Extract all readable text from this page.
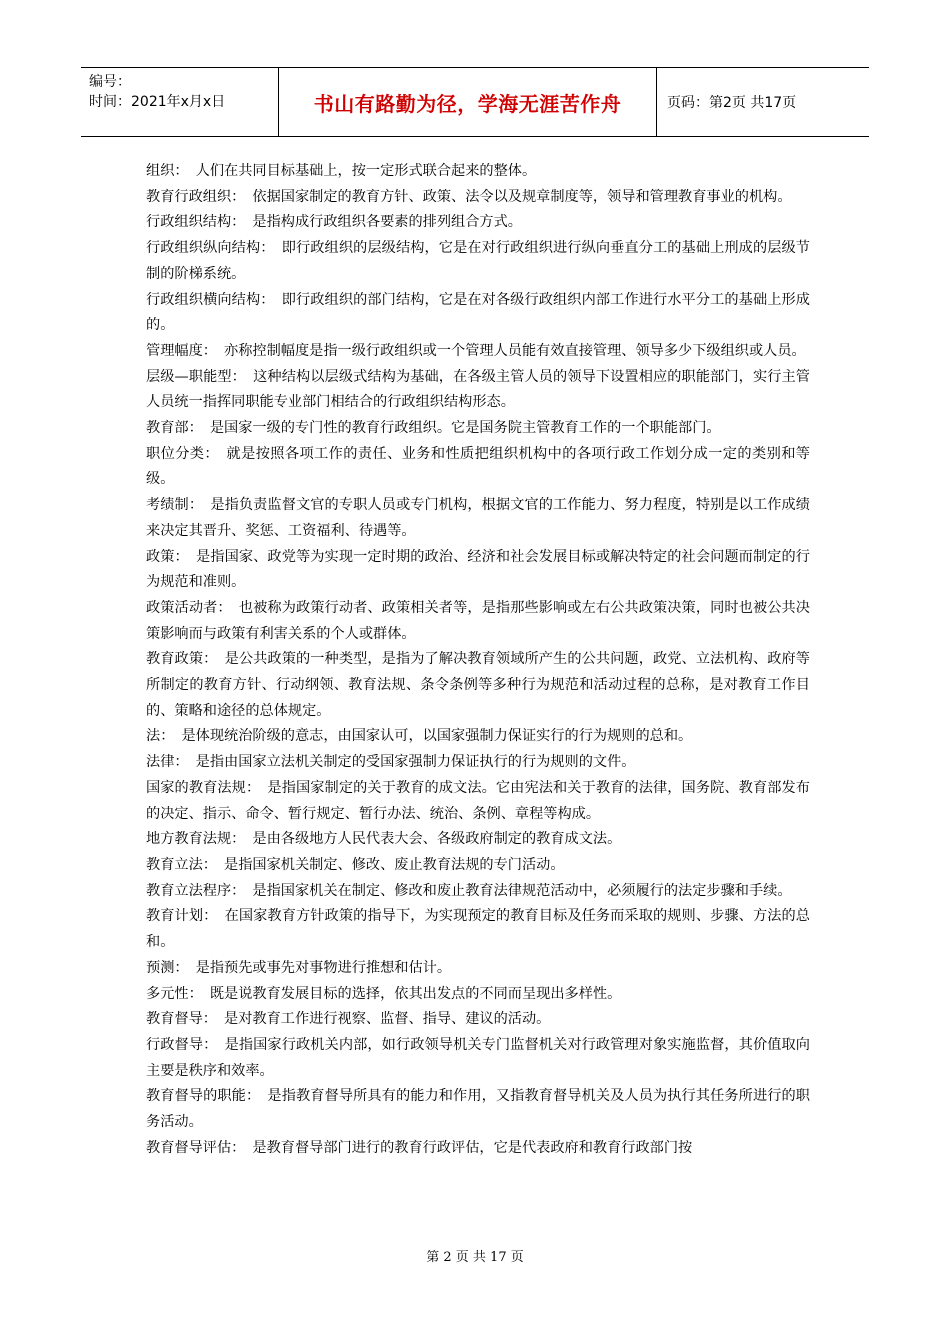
编号：
时间：2021年x月x日	书山有路勤为径，学海无涯苦作舟	页码：第2页 共17页

组织：　 人们在共同目标基础上，按一定形式联合起来的整体。

教育行政组织：　 依据国家制定的教育方针、政策、法令以及规章制度等，领导和管理教育事业的机构。

行政组织结构：　 是指构成行政组织各要素的排列组合方式。

行政组织纵向结构：　 即行政组织的层级结构，它是在对行政组织进行纵向垂直分工的基础上刑成的层级节制的阶梯系统。

行政组织横向结构：　 即行政组织的部门结构，它是在对各级行政组织内部工作进行水平分工的基础上形成的。

管理幅度：　 亦称控制幅度是指一级行政组织或一个管理人员能有效直接管理、领导多少下级组织或人员。

层级—职能型：　 这种结构以层级式结构为基础，在各级主管人员的领导下设置相应的职能部门，实行主管人员统一指挥同职能专业部门相结合的行政组织结构形态。

教育部：　 是国家一级的专门性的教育行政组织。它是国务院主管教育工作的一个职能部门。

职位分类：　 就是按照各项工作的责任、业务和性质把组织机构中的各项行政工作划分成一定的类别和等级。

考绩制：　 是指负责监督文官的专职人员或专门机构，根据文官的工作能力、努力程度，特别是以工作成绩来决定其晋升、奖惩、工资福利、待遇等。

政策：　 是指国家、政党等为实现一定时期的政治、经济和社会发展目标或解决特定的社会问题而制定的行为规范和准则。

政策活动者：　 也被称为政策行动者、政策相关者等，是指那些影响或左右公共政策决策，同时也被公共决策影响而与政策有利害关系的个人或群体。

教育政策：　 是公共政策的一种类型，是指为了解决教育领域所产生的公共问题，政党、立法机构、政府等所制定的教育方针、行动纲领、教育法规、条令条例等多种行为规范和活动过程的总称，是对教育工作目的、策略和途径的总体规定。

法：　 是体现统治阶级的意志，由国家认可，以国家强制力保证实行的行为规则的总和。

法律：　 是指由国家立法机关制定的受国家强制力保证执行的行为规则的文件。

国家的教育法规：　 是指国家制定的关于教育的成文法。它由宪法和关于教育的法律，国务院、教育部发布的决定、指示、命令、暂行规定、暂行办法、统治、条例、章程等构成。

地方教育法规：　 是由各级地方人民代表大会、各级政府制定的教育成文法。

教育立法：　 是指国家机关制定、修改、废止教育法规的专门活动。

教育立法程序：　 是指国家机关在制定、修改和废止教育法律规范活动中，必须履行的法定步骤和手续。

教育计划：　 在国家教育方针政策的指导下，为实现预定的教育目标及任务而采取的规则、步骤、方法的总和。

预测：　 是指预先或事先对事物进行推想和估计。

多元性：　 既是说教育发展目标的选择，依其出发点的不同而呈现出多样性。

教育督导：　 是对教育工作进行视察、监督、指导、建议的活动。

行政督导：　 是指国家行政机关内部，如行政领导机关专门监督机关对行政管理对象实施监督，其价值取向主要是秩序和效率。

教育督导的职能：　 是指教育督导所具有的能力和作用，又指教育督导机关及人员为执行其任务所进行的职务活动。

教育督导评估：　 是教育督导部门进行的教育行政评估，它是代表政府和教育行政部门按

第 2 页 共 17 页
